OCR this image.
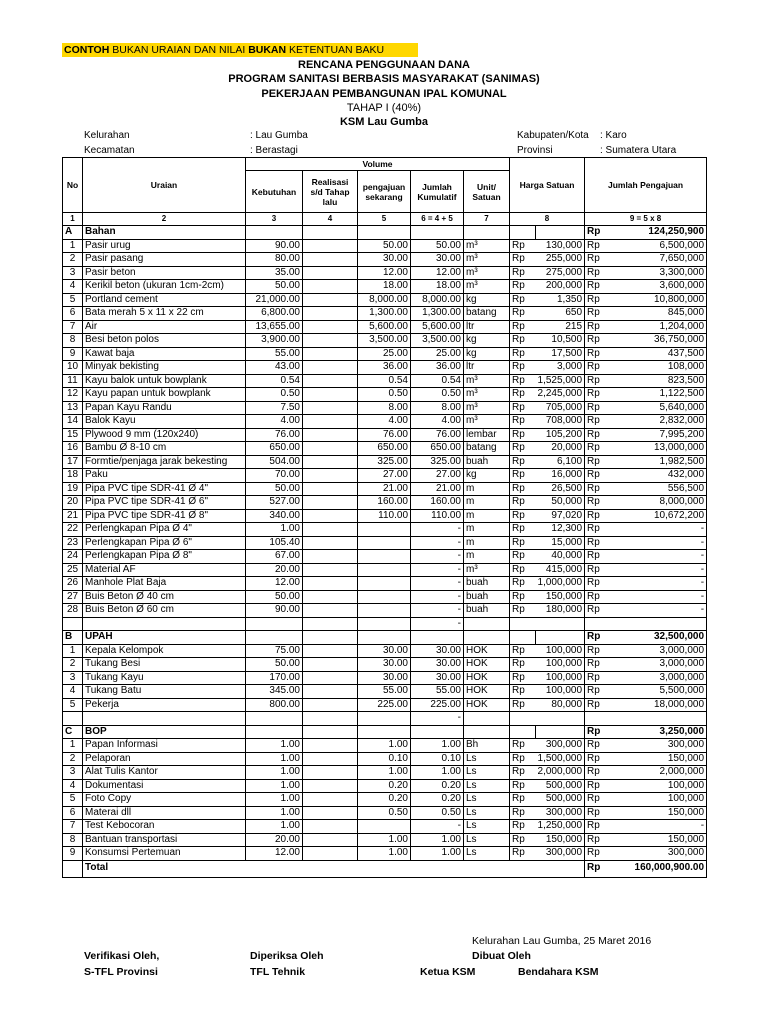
CONTOH BUKAN URAIAN DAN NILAI BUKAN KETENTUAN BAKU
RENCANA PENGGUNAAN DANA
PROGRAM SANITASI BERBASIS MASYARAKAT (SANIMAS)
PEKERJAAN PEMBANGUNAN IPAL KOMUNAL
TAHAP I (40%)
KSM Lau Gumba
Kelurahan	: Lau Gumba
Kecamatan	: Berastagi
Kabupaten/Kota : Karo
Provinsi	: Sumatera Utara
No	Uraian	Volume					Harga Satuan		Jumlah Pengajuan	
		Kebutuhan	Realisasi s/d Tahap lalu	pengajuan sekarang	Jumlah Kumulatif	Unit/ Satuan				
1	2	3	4	5	6 = 4 + 5	7	8		9 = 5 x 8	
A	Bahan								Rp	124,250,900
1	Pasir urug	90.00		50.00	50.00	m³	Rp	130,000	Rp	6,500,000
2	Pasir pasang	80.00		30.00	30.00	m³	Rp	255,000	Rp	7,650,000
3	Pasir beton	35.00		12.00	12.00	m³	Rp	275,000	Rp	3,300,000
4	Kerikil beton (ukuran 1cm-2cm)	50.00		18.00	18.00	m³	Rp	200,000	Rp	3,600,000
5	Portland cement	21,000.00		8,000.00	8,000.00	kg	Rp	1,350	Rp	10,800,000
6	Bata merah 5 x 11 x 22 cm	6,800.00		1,300.00	1,300.00	batang	Rp	650	Rp	845,000
7	Air	13,655.00		5,600.00	5,600.00	ltr	Rp	215	Rp	1,204,000
8	Besi beton polos	3,900.00		3,500.00	3,500.00	kg	Rp	10,500	Rp	36,750,000
9	Kawat baja	55.00		25.00	25.00	kg	Rp	17,500	Rp	437,500
10	Minyak bekisting	43.00		36.00	36.00	ltr	Rp	3,000	Rp	108,000
11	Kayu balok untuk bowplank	0.54		0.54	0.54	m³	Rp	1,525,000	Rp	823,500
12	Kayu papan untuk bowplank	0.50		0.50	0.50	m³	Rp	2,245,000	Rp	1,122,500
13	Papan Kayu Randu	7.50		8.00	8.00	m³	Rp	705,000	Rp	5,640,000
14	Balok Kayu	4.00		4.00	4.00	m³	Rp	708,000	Rp	2,832,000
15	Plywood 9 mm (120x240)	76.00		76.00	76.00	lembar	Rp	105,200	Rp	7,995,200
16	Bambu Ø 8-10 cm	650.00		650.00	650.00	batang	Rp	20,000	Rp	13,000,000
17	Formtie/penjaga jarak bekesting	504.00		325.00	325.00	buah	Rp	6,100	Rp	1,982,500
18	Paku	70.00		27.00	27.00	kg	Rp	16,000	Rp	432,000
19	Pipa PVC tipe SDR-41 Ø 4"	50.00		21.00	21.00	m	Rp	26,500	Rp	556,500
20	Pipa PVC tipe SDR-41 Ø 6"	527.00		160.00	160.00	m	Rp	50,000	Rp	8,000,000
21	Pipa PVC tipe SDR-41 Ø 8"	340.00		110.00	110.00	m	Rp	97,020	Rp	10,672,200
22	Perlengkapan Pipa Ø 4"	1.00			-	m	Rp	12,300	Rp	-
23	Perlengkapan Pipa Ø 6"	105.40			-	m	Rp	15,000	Rp	-
24	Perlengkapan Pipa Ø 8"	67.00			-	m	Rp	40,000	Rp	-
25	Material AF	20.00			-	m³	Rp	415,000	Rp	-
26	Manhole Plat Baja	12.00			-	buah	Rp	1,000,000	Rp	-
27	Buis Beton Ø 40 cm	50.00			-	buah	Rp	150,000	Rp	-
28	Buis Beton Ø 60 cm	90.00			-	buah	Rp	180,000	Rp	-
					-					
B	UPAH								Rp	32,500,000
1	Kepala Kelompok	75.00		30.00	30.00	HOK	Rp	100,000	Rp	3,000,000
2	Tukang Besi	50.00		30.00	30.00	HOK	Rp	100,000	Rp	3,000,000
3	Tukang Kayu	170.00		30.00	30.00	HOK	Rp	100,000	Rp	3,000,000
4	Tukang Batu	345.00		55.00	55.00	HOK	Rp	100,000	Rp	5,500,000
5	Pekerja	800.00		225.00	225.00	HOK	Rp	80,000	Rp	18,000,000
					-					
C	BOP								Rp	3,250,000
1	Papan Informasi	1.00		1.00	1.00	Bh	Rp	300,000	Rp	300,000
2	Pelaporan	1.00		0.10	0.10	Ls	Rp	1,500,000	Rp	150,000
3	Alat Tulis Kantor	1.00		1.00	1.00	Ls	Rp	2,000,000	Rp	2,000,000
4	Dokumentasi	1.00		0.20	0.20	Ls	Rp	500,000	Rp	100,000
5	Foto Copy	1.00		0.20	0.20	Ls	Rp	500,000	Rp	100,000
6	Materai dll	1.00		0.50	0.50	Ls	Rp	300,000	Rp	150,000
7	Test Kebocoran	1.00			-	Ls	Rp	1,250,000	Rp	-
8	Bantuan transportasi	20.00		1.00	1.00	Ls	Rp	150,000	Rp	150,000
9	Konsumsi Pertemuan	12.00		1.00	1.00	Ls	Rp	300,000	Rp	300,000
	Total								Rp	160,000,900.00
Kelurahan Lau Gumba, 25 Maret 2016
Verifikasi Oleh,
S-TFL Provinsi
Diperiksa Oleh
TFL Tehnik
Dibuat Oleh
Ketua KSM	Bendahara KSM
